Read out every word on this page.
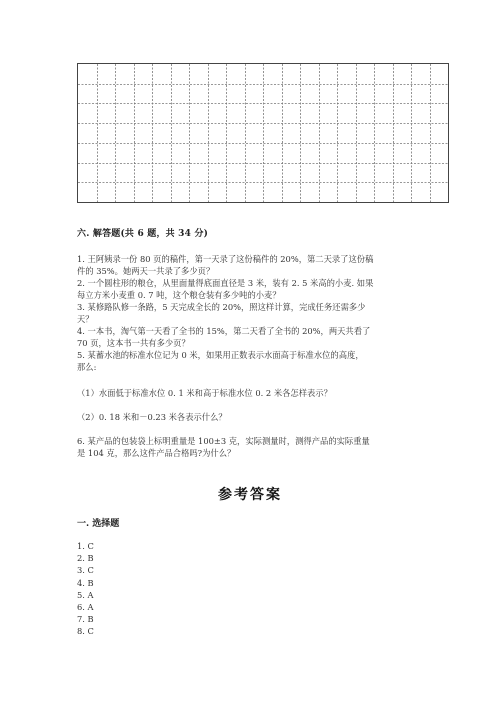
六. 解答题(共 6 题，共 34 分)
1. 王阿姨录一份 80 页的稿件，第一天录了这份稿件的 20%，第二天录了这份稿
件的 35%。她两天一共录了多少页？
2. 一个圆柱形的粮仓，从里面量得底面直径是 3 米，装有 2. 5 米高的小麦. 如果
每立方米小麦重 0. 7 吨，这个粮仓装有多少吨的小麦？
3. 某修路队修一条路，5 天完成全长的 20%，照这样计算，完成任务还需多少
天？
4. 一本书，淘气第一天看了全书的 15%，第二天看了全书的 20%，两天共看了
70 页，这本书一共有多少页？
5. 某蓄水池的标准水位记为 0 米，如果用正数表示水面高于标准水位的高度，
那么:
（1）水面低于标准水位 0. 1 米和高于标准水位 0. 2 米各怎样表示？
（2）0. 18 米和－0.23 米各表示什么？
6. 某产品的包装袋上标明重量是 100±3 克，实际测量时，测得产品的实际重量
是 104 克，那么这件产品合格吗?为什么？
参考答案
一. 选择题
1. C
2. B
3. C
4. B
5. A
6. A
7. B
8. C
